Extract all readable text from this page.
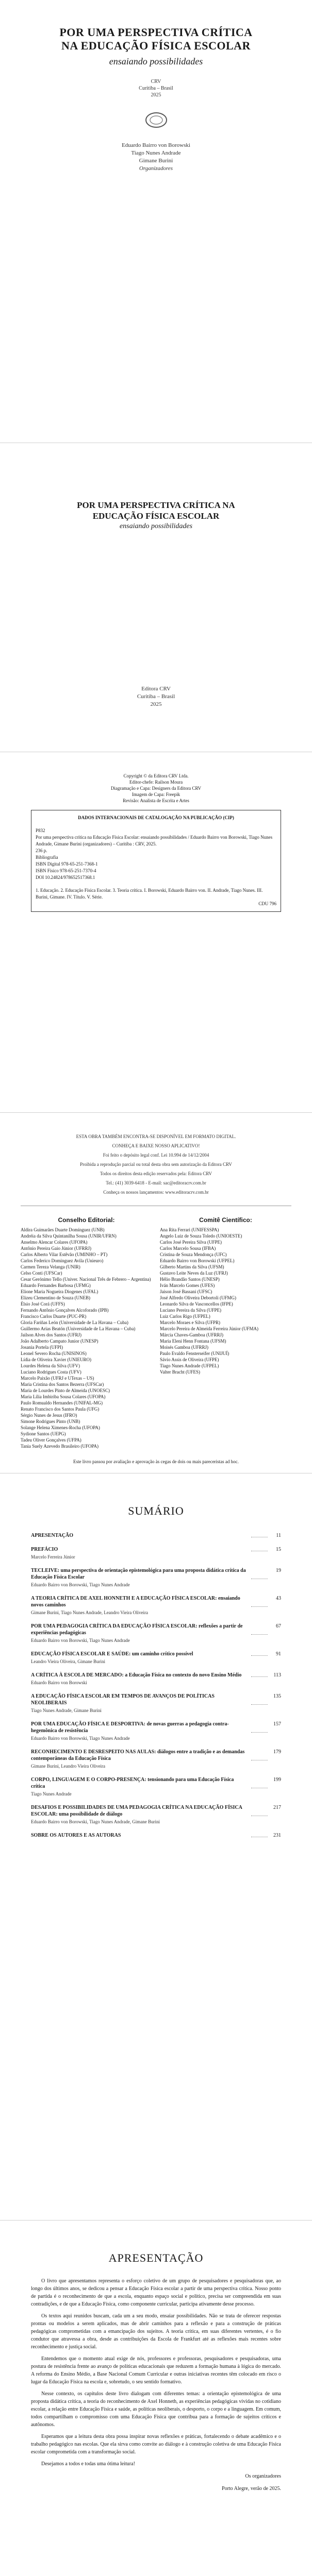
POR UMA PERSPECTIVA CRÍTICA NA EDUCAÇÃO FÍSICA ESCOLAR
ensaiando possibilidades
CRV
Curitiba – Brasil
2025
Eduardo Bairro von Borowski
Tiago Nunes Andrade
Gimane Burini
Organizadores
POR UMA PERSPECTIVA CRÍTICA NA EDUCAÇÃO FÍSICA ESCOLAR
ensaiando possibilidades
Editora CRV
Curitiba – Brasil
2025

Copyright © da Editora CRV Ltda.

Editor-chefe: Railson Moura

Diagramação e Capa: Designers da Editora CRV

Imagem de Capa: Freepik

Revisão: Analista de Escrita e Artes

DADOS INTERNACIONAIS DE CATALOGAÇÃO NA PUBLICAÇÃO (CIP)
P832
Por uma perspectiva crítica na Educação Física Escolar: ensaiando possibilidades / Eduardo Bairro von Borowski, Tiago Nunes Andrade, Gimane Burini (organizadores) – Curitiba : CRV, 2025.
236 p.
Bibliografia
ISBN Digital 978-65-251-7368-1
ISBN Físico 978-65-251-7370-4
DOI 10.24824/978652517368.1
1. Educação. 2. Educação Física Escolar. 3. Teoria crítica. I. Borowski, Eduardo Bairro von. II. Andrade, Tiago Nunes. III. Burini, Gimane. IV. Título. V. Série.
CDU 796
ESTA OBRA TAMBÉM ENCONTRA-SE DISPONÍVEL EM FORMATO DIGITAL.
CONHEÇA E BAIXE NOSSO APLICATIVO!
Foi feito o depósito legal conf. Lei 10.994 de 14/12/2004
Proibida a reprodução parcial ou total desta obra sem autorização da Editora CRV
Todos os direitos desta edição reservados pela: Editora CRV
Tel.: (41) 3039-6418 - E-mail: sac@editoracrv.com.br
Conheça os nossos lançamentos: www.editoracrv.com.br
Conselho Editorial:
Aldira Guimarães Duarte Domínguez (UNB)
Andréia da Silva Quintanilha Sousa (UNIR/UFRN)
Anselmo Alencar Colares (UFOPA)
Antônio Pereira Gaio Júnior (UFRRJ)
Carlos Alberto Vilar Estêvão (UMINHO – PT)
Carlos Federico Dominguez Avila (Unieuro)
Carmen Tereza Velanga (UNIR)
Celso Conti (UFSCar)
Cesar Gerónimo Tello (Univer. Nacional Três de Febrero – Argentina)
Eduardo Fernandes Barbosa (UFMG)
Elione Maria Nogueira Diogenes (UFAL)
Elizeu Clementino de Souza (UNEB)
Élsio José Corá (UFFS)
Fernando Antônio Gonçalves Alcoforado (IPB)
Francisco Carlos Duarte (PUC-PR)
Gloria Fariñas León (Universidade de La Havana – Cuba)
Guillermo Arias Beatón (Universidade de La Havana – Cuba)
Jailson Alves dos Santos (UFRJ)
João Adalberto Campato Junior (UNESP)
Josania Portela (UFPI)
Leonel Severo Rocha (UNISINOS)
Lídia de Oliveira Xavier (UNIEURO)
Lourdes Helena da Silva (UFV)
Luciano Rodrigues Costa (UFV)
Marcelo Paixão (UFRJ e UTexas – US)
Maria Cristina dos Santos Bezerra (UFSCar)
Maria de Lourdes Pinto de Almeida (UNOESC)
Maria Lília Imbiriba Sousa Colares (UFOPA)
Paulo Romualdo Hernandes (UNIFAL-MG)
Renato Francisco dos Santos Paula (UFG)
Sérgio Nunes de Jesus (IFRO)
Simone Rodrigues Pinto (UNB)
Solange Helena Ximenes-Rocha (UFOPA)
Sydione Santos (UEPG)
Tadeu Oliver Gonçalves (UFPA)
Tania Suely Azevedo Brasileiro (UFOPA)
Comitê Científico:
Ana Rita Ferrari (UNIFESSPA)
Angelo Luiz de Souza Toledo (UNIOESTE)
Carlos José Pereira Silva (UFPE)
Carlos Marcelo Sousa (IFBA)
Cristina de Souza Mendonça (UFC)
Eduardo Bairro von Borowski (UFPEL)
Gilberto Martins da Silva (UFSM)
Gustavo Leite Neves da Luz (UFRJ)
Hélio Brandão Santos (UNESP)
Iván Marcelo Gomes (UFES)
Jaison José Bassani (UFSC)
José Alfredo Oliveira Debortoli (UFMG)
Leonardo Silva de Vasconcellos (IFPE)
Luciano Pereira da Silva (UFPE)
Luiz Carlos Rigo (UFPEL)
Marcelo Moraes e Silva (UFPR)
Marcelo Pereira de Almeida Ferreira Júnior (UFMA)
Márcia Chaves-Gamboa (UFRRJ)
Maria Eleni Henn Fontana (UFSM)
Moisés Gamboa (UFRRJ)
Paulo Evaldo Fensterseifer (UNIJUÍ)
Sávio Assis de Oliveira (UFPE)
Tiago Nunes Andrade (UFPEL)
Valter Bracht (UFES)
Este livro passou por avaliação e aprovação às cegas de dois ou mais pareceristas ad hoc.
SUMÁRIO
APRESENTAÇÃO	11
PREFÁCIO	15
Marcelo Ferreira Júnior
TECLEIVE: uma perspectiva de orientação epistemológica para uma proposta didática crítica da Educação Física Escolar
19
Eduardo Bairro von Borowski, Tiago Nunes Andrade
A TEORIA CRÍTICA DE AXEL HONNETH E A EDUCAÇÃO FÍSICA ESCOLAR: ensaiando novos caminhos
43
Gimane Burini, Tiago Nunes Andrade, Leandro Vieira Oliveira
POR UMA PEDAGOGIA CRÍTICA DA EDUCAÇÃO FÍSICA ESCOLAR: reflexões a partir de experiências pedagógicas
67
Eduardo Bairro von Borowski, Tiago Nunes Andrade
EDUCAÇÃO FÍSICA ESCOLAR E SAÚDE: um caminho crítico possível	91
Leandro Vieira Oliveira, Gimane Burini
A CRÍTICA À ESCOLA DE MERCADO: a Educação Física no contexto do novo Ensino Médio	113
Eduardo Bairro von Borowski
A EDUCAÇÃO FÍSICA ESCOLAR EM TEMPOS DE AVANÇOS DE POLÍTICAS NEOLIBERAIS
135
Tiago Nunes Andrade, Gimane Burini
POR UMA EDUCAÇÃO FÍSICA E DESPORTIVA: de novas guerras a pedagogia contra-hegemônica de resistência
157
Eduardo Bairro von Borowski, Tiago Nunes Andrade
RECONHECIMENTO E DESRESPEITO NAS AULAS: diálogos entre a tradição e as demandas contemporâneas da Educação Física
179
Gimane Burini, Leandro Vieira Oliveira
CORPO, LINGUAGEM E O CORPO-PRESENÇA: tensionando para uma Educação Física crítica
199
Tiago Nunes Andrade
DESAFIOS E POSSIBILIDADES DE UMA PEDAGOGIA CRÍTICA NA EDUCAÇÃO FÍSICA ESCOLAR: uma possibilidade de diálogo
217
Eduardo Bairro von Borowski, Tiago Nunes Andrade, Gimane Burini
SOBRE OS AUTORES E AS AUTORAS	231
APRESENTAÇÃO

O livro que apresentamos representa o esforço coletivo de um grupo de pesquisadores e pesquisadoras que, ao longo dos últimos anos, se dedicou a pensar a Educação Física escolar a partir de uma perspectiva crítica. Nosso ponto de partida é o reconhecimento de que a escola, enquanto espaço social e político, precisa ser compreendida em suas contradições, e de que a Educação Física, como componente curricular, participa ativamente desse processo.

Os textos aqui reunidos buscam, cada um a seu modo, ensaiar possibilidades. Não se trata de oferecer respostas prontas ou modelos a serem aplicados, mas de abrir caminhos para a reflexão e para a construção de práticas pedagógicas comprometidas com a emancipação dos sujeitos. A teoria crítica, em suas diferentes vertentes, é o fio condutor que atravessa a obra, desde as contribuições da Escola de Frankfurt até as reflexões mais recentes sobre reconhecimento e justiça social.

Entendemos que o momento atual exige de nós, professores e professoras, pesquisadores e pesquisadoras, uma postura de resistência frente ao avanço de políticas educacionais que reduzem a formação humana à lógica do mercado. A reforma do Ensino Médio, a Base Nacional Comum Curricular e outras iniciativas recentes têm colocado em risco o lugar da Educação Física na escola e, sobretudo, o seu sentido formativo.

Nesse contexto, os capítulos deste livro dialogam com diferentes temas: a orientação epistemológica de uma proposta didática crítica, a teoria do reconhecimento de Axel Honneth, as experiências pedagógicas vividas no cotidiano escolar, a relação entre Educação Física e saúde, as políticas neoliberais, o desporto, o corpo e a linguagem. Em comum, todos compartilham o compromisso com uma Educação Física que contribua para a formação de sujeitos críticos e autônomos.

Esperamos que a leitura desta obra possa inspirar novas reflexões e práticas, fortalecendo o debate acadêmico e o trabalho pedagógico nas escolas. Que ela sirva como convite ao diálogo e à construção coletiva de uma Educação Física escolar comprometida com a transformação social.

Desejamos a todos e todas uma ótima leitura!

Os organizadores
Porto Alegre, verão de 2025.
